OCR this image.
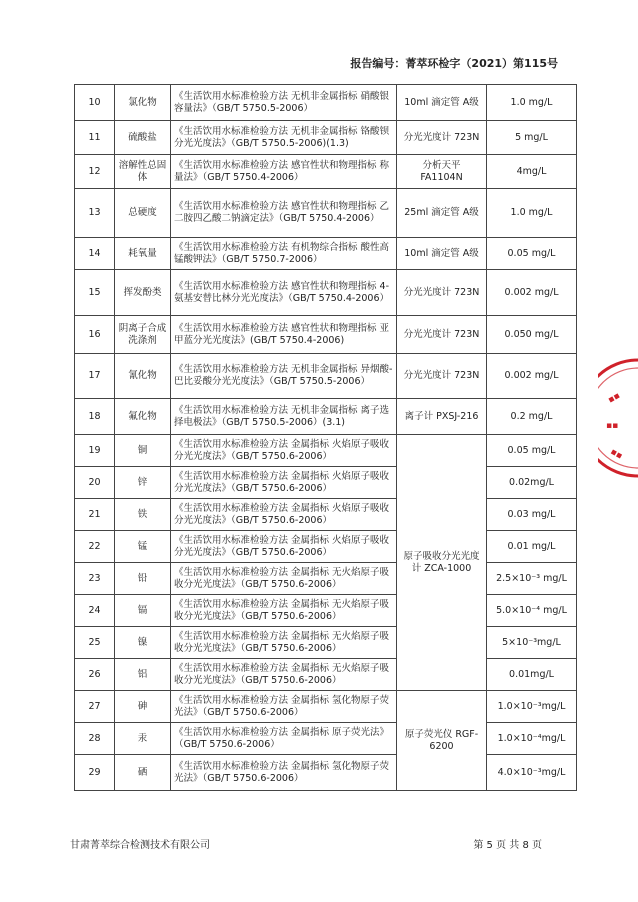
报告编号：菁萃环检字（2021）第115号
10	氯化物	《生活饮用水标准检验方法 无机非金属指标 硝酸银容量法》（GB/T 5750.5-2006）	10ml 滴定管 A级	1.0 mg/L
11	硫酸盐	《生活饮用水标准检验方法 无机非金属指标 铬酸钡分光光度法》（GB/T 5750.5-2006)(1.3)	分光光度计 723N	5 mg/L
12	溶解性总固体	《生活饮用水标准检验方法 感官性状和物理指标 称量法》（GB/T 5750.4-2006）	分析天平 FA1104N	4mg/L
13	总硬度	《生活饮用水标准检验方法 感官性状和物理指标 乙二胺四乙酸二钠滴定法》（GB/T 5750.4-2006）	25ml 滴定管 A级	1.0 mg/L
14	耗氧量	《生活饮用水标准检验方法 有机物综合指标 酸性高锰酸钾法》（GB/T 5750.7-2006）	10ml 滴定管 A级	0.05 mg/L
15	挥发酚类	《生活饮用水标准检验方法 感官性状和物理指标 4-氨基安替比林分光光度法》（GB/T 5750.4-2006）	分光光度计 723N	0.002 mg/L
16	阴离子合成洗涤剂	《生活饮用水标准检验方法 感官性状和物理指标 亚甲蓝分光光度法》(GB/T 5750.4-2006)	分光光度计 723N	0.050 mg/L
17	氰化物	《生活饮用水标准检验方法 无机非金属指标 异烟酸-巴比妥酸分光光度法》（GB/T 5750.5-2006）	分光光度计 723N	0.002 mg/L
18	氟化物	《生活饮用水标准检验方法 无机非金属指标 离子选择电极法》（GB/T 5750.5-2006）(3.1)	离子计 PXSJ-216	0.2 mg/L
19	铜	《生活饮用水标准检验方法 金属指标 火焰原子吸收分光光度法》（GB/T 5750.6-2006）	原子吸收分光光度计 ZCA-1000	0.05 mg/L
20	锌	《生活饮用水标准检验方法 金属指标 火焰原子吸收分光光度法》（GB/T 5750.6-2006）		0.02mg/L
21	铁	《生活饮用水标准检验方法 金属指标 火焰原子吸收分光光度法》（GB/T 5750.6-2006）		0.03 mg/L
22	锰	《生活饮用水标准检验方法 金属指标 火焰原子吸收分光光度法》（GB/T 5750.6-2006）		0.01 mg/L
23	铅	《生活饮用水标准检验方法 金属指标 无火焰原子吸收分光光度法》（GB/T 5750.6-2006）		2.5×10⁻³ mg/L
24	镉	《生活饮用水标准检验方法 金属指标 无火焰原子吸收分光光度法》（GB/T 5750.6-2006）		5.0×10⁻⁴ mg/L
25	镍	《生活饮用水标准检验方法 金属指标 无火焰原子吸收分光光度法》（GB/T 5750.6-2006）		5×10⁻³mg/L
26	铝	《生活饮用水标准检验方法 金属指标 无火焰原子吸收分光光度法》（GB/T 5750.6-2006）		0.01mg/L
27	砷	《生活饮用水标准检验方法 金属指标 氢化物原子荧光法》（GB/T 5750.6-2006）	原子荧光仪 RGF-6200	1.0×10⁻³mg/L
28	汞	《生活饮用水标准检验方法 金属指标 原子荧光法》（GB/T 5750.6-2006）		1.0×10⁻⁴mg/L
29	硒	《生活饮用水标准检验方法 金属指标 氢化物原子荧光法》（GB/T 5750.6-2006）		4.0×10⁻³mg/L
▪▪
▪▪
▪▪
甘肃菁萃综合检测技术有限公司	第 5 页 共 8 页
